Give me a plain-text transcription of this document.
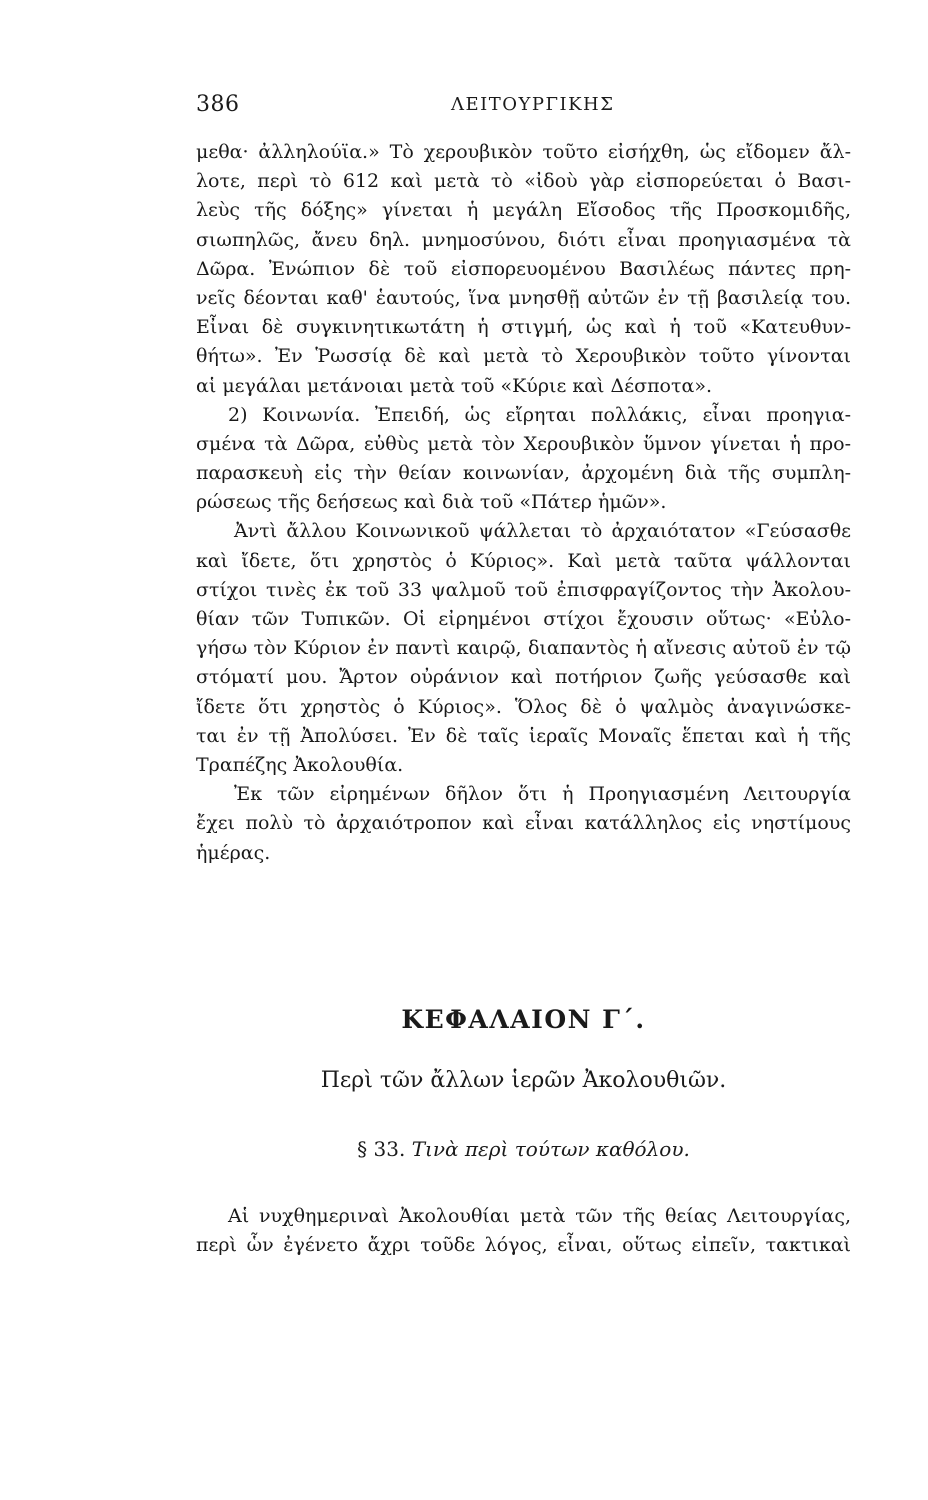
386	ΛΕΙΤΟΥΡΓΙΚΗΣ
μεθα· ἀλληλούϊα.» Τὸ χερουβικὸν τοῦτο εἰσήχθη, ὡς εἴδομεν ἄλ-
λοτε, περὶ τὸ 612 καὶ μετὰ τὸ «ἰδοὺ γὰρ εἰσπορεύεται ὁ Βασι-
λεὺς τῆς δόξης» γίνεται ἡ μεγάλη Εἴσοδος τῆς Προσκομιδῆς,
σιωπηλῶς, ἄνευ δηλ. μνημοσύνου, διότι εἶναι προηγιασμένα τὰ
Δῶρα. Ἐνώπιον δὲ τοῦ εἰσπορευομένου Βασιλέως πάντες πρη-
νεῖς δέονται καθ' ἑαυτούς, ἵνα μνησθῇ αὐτῶν ἐν τῇ βασιλείᾳ του.
Εἶναι δὲ συγκινητικωτάτη ἡ στιγμή, ὡς καὶ ἡ τοῦ «Κατευθυν-
θήτω». Ἐν Ῥωσσίᾳ δὲ καὶ μετὰ τὸ Χερουβικὸν τοῦτο γίνονται
αἱ μεγάλαι μετάνοιαι μετὰ τοῦ «Κύριε καὶ Δέσποτα».
2) Κοινωνία. Ἐπειδή, ὡς εἴρηται πολλάκις, εἶναι προηγια-
σμένα τὰ Δῶρα, εὐθὺς μετὰ τὸν Χερουβικὸν ὕμνον γίνεται ἡ προ-
παρασκευὴ εἰς τὴν θείαν κοινωνίαν, ἀρχομένη διὰ τῆς συμπλη-
ρώσεως τῆς δεήσεως καὶ διὰ τοῦ «Πάτερ ἡμῶν».
Ἀντὶ ἄλλου Κοινωνικοῦ ψάλλεται τὸ ἀρχαιότατον «Γεύσασθε
καὶ ἴδετε, ὅτι χρηστὸς ὁ Κύριος». Καὶ μετὰ ταῦτα ψάλλονται
στίχοι τινὲς ἐκ τοῦ 33 ψαλμοῦ τοῦ ἐπισφραγίζοντος τὴν Ἀκολου-
θίαν τῶν Τυπικῶν. Οἱ εἰρημένοι στίχοι ἔχουσιν οὕτως· «Εὐλο-
γήσω τὸν Κύριον ἐν παντὶ καιρῷ, διαπαντὸς ἡ αἴνεσις αὐτοῦ ἐν τῷ
στόματί μου. Ἄρτον οὐράνιον καὶ ποτήριον ζωῆς γεύσασθε καὶ
ἴδετε ὅτι χρηστὸς ὁ Κύριος». Ὅλος δὲ ὁ ψαλμὸς ἀναγινώσκε-
ται ἐν τῇ Ἀπολύσει. Ἐν δὲ ταῖς ἱεραῖς Μοναῖς ἕπεται καὶ ἡ τῆς
Τραπέζης Ἀκολουθία.
Ἐκ τῶν εἰρημένων δῆλον ὅτι ἡ Προηγιασμένη Λειτουργία
ἔχει πολὺ τὸ ἀρχαιότροπον καὶ εἶναι κατάλληλος εἰς νηστίμους
ἡμέρας.
ΚΕΦΑΛΑΙΟΝ Γ΄.
Περὶ τῶν ἄλλων ἱερῶν Ἀκολουθιῶν.
§ 33. Τινὰ περὶ τούτων καθόλου.
Αἱ νυχθημεριναὶ Ἀκολουθίαι μετὰ τῶν τῆς θείας Λειτουργίας,
περὶ ὧν ἐγένετο ἄχρι τοῦδε λόγος, εἶναι, οὕτως εἰπεῖν, τακτικαὶ
